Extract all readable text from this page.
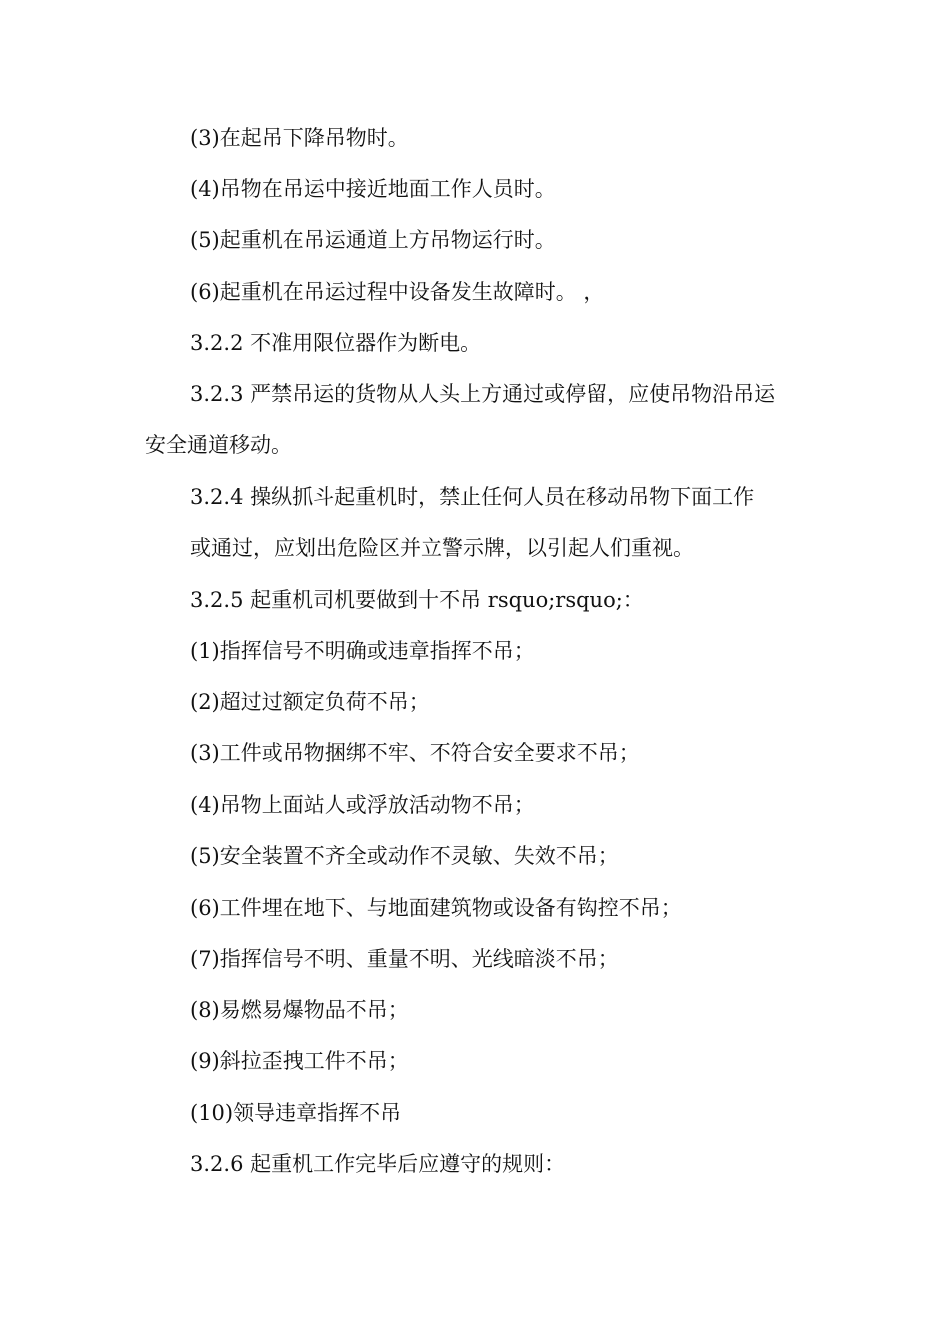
(3)在起吊下降吊物时。
(4)吊物在吊运中接近地面工作人员时。
(5)起重机在吊运通道上方吊物运行时。
(6)起重机在吊运过程中设备发生故障时。 ，
3.2.2 不准用限位器作为断电。
3.2.3 严禁吊运的货物从人头上方通过或停留，应使吊物沿吊运
安全通道移动。
3.2.4 操纵抓斗起重机时，禁止任何人员在移动吊物下面工作
或通过，应划出危险区并立警示牌，以引起人们重视。
3.2.5 起重机司机要做到十不吊 rsquo;rsquo;：
(1)指挥信号不明确或违章指挥不吊；
(2)超过过额定负荷不吊；
(3)工件或吊物捆绑不牢、不符合安全要求不吊；
(4)吊物上面站人或浮放活动物不吊；
(5)安全装置不齐全或动作不灵敏、失效不吊；
(6)工件埋在地下、与地面建筑物或设备有钩控不吊；
(7)指挥信号不明、重量不明、光线暗淡不吊；
(8)易燃易爆物品不吊；
(9)斜拉歪拽工件不吊；
(10)领导违章指挥不吊
3.2.6 起重机工作完毕后应遵守的规则：
